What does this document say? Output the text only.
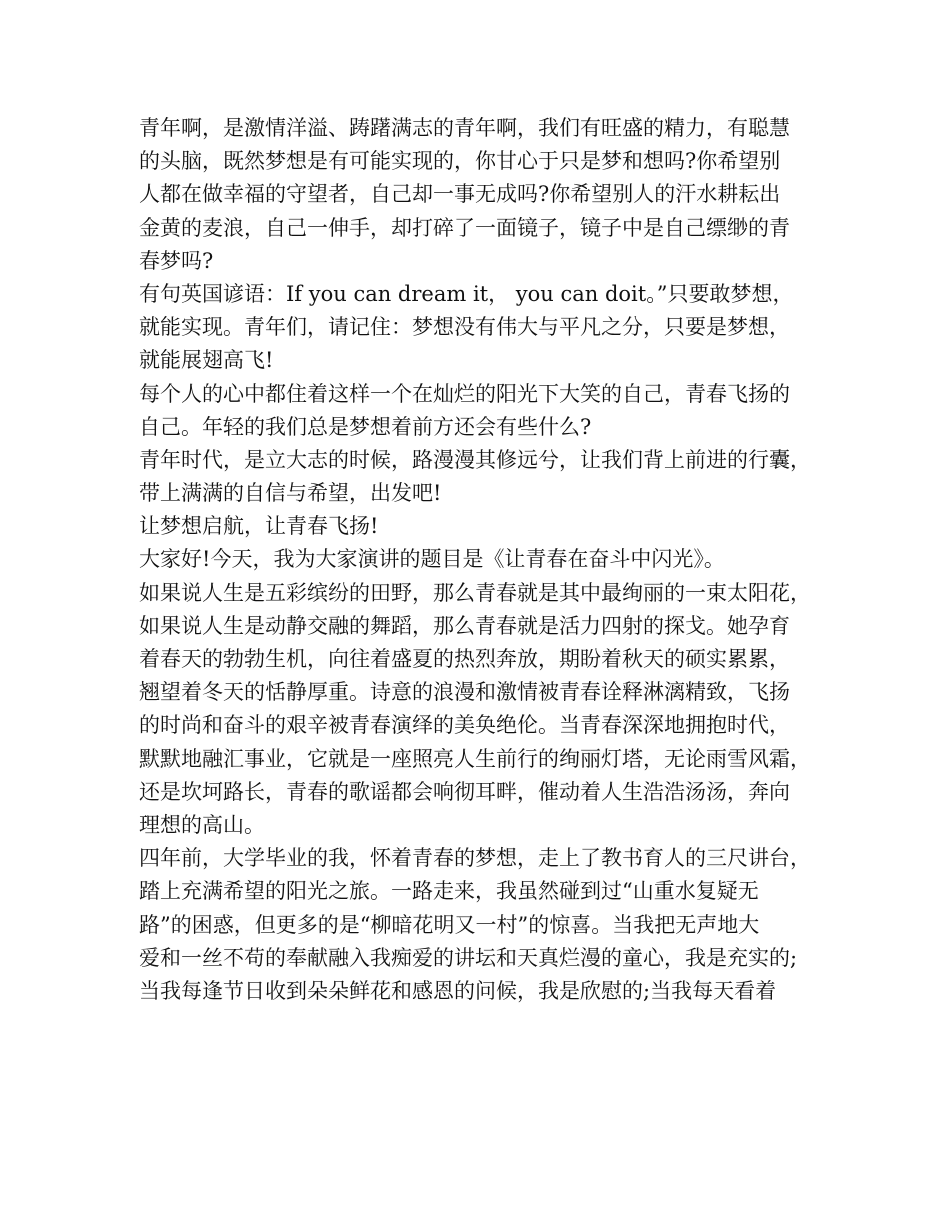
青年啊，是激情洋溢、踌躇满志的青年啊，我们有旺盛的精力，有聪慧
的头脑，既然梦想是有可能实现的，你甘心于只是梦和想吗?你希望别
人都在做幸福的守望者，自己却一事无成吗?你希望别人的汗水耕耘出
金黄的麦浪，自己一伸手，却打碎了一面镜子，镜子中是自己缥缈的青
春梦吗?
有句英国谚语：If you can dream it， you can doit。”只要敢梦想，
就能实现。青年们，请记住：梦想没有伟大与平凡之分，只要是梦想，
就能展翅高飞!
每个人的心中都住着这样一个在灿烂的阳光下大笑的自己，青春飞扬的
自己。年轻的我们总是梦想着前方还会有些什么?
青年时代，是立大志的时候，路漫漫其修远兮，让我们背上前进的行囊，
带上满满的自信与希望，出发吧!
让梦想启航，让青春飞扬!
大家好!今天，我为大家演讲的题目是《让青春在奋斗中闪光》。
如果说人生是五彩缤纷的田野，那么青春就是其中最绚丽的一束太阳花，
如果说人生是动静交融的舞蹈，那么青春就是活力四射的探戈。她孕育
着春天的勃勃生机，向往着盛夏的热烈奔放，期盼着秋天的硕实累累，
翘望着冬天的恬静厚重。诗意的浪漫和激情被青春诠释淋漓精致，飞扬
的时尚和奋斗的艰辛被青春演绎的美奂绝伦。当青春深深地拥抱时代，
默默地融汇事业，它就是一座照亮人生前行的绚丽灯塔，无论雨雪风霜，
还是坎坷路长，青春的歌谣都会响彻耳畔，催动着人生浩浩汤汤，奔向
理想的高山。
四年前，大学毕业的我，怀着青春的梦想，走上了教书育人的三尺讲台，
踏上充满希望的阳光之旅。一路走来，我虽然碰到过“山重水复疑无
路”的困惑，但更多的是“柳暗花明又一村”的惊喜。当我把无声地大
爱和一丝不苟的奉献融入我痴爱的讲坛和天真烂漫的童心，我是充实的;
当我每逢节日收到朵朵鲜花和感恩的问候，我是欣慰的;当我每天看着
